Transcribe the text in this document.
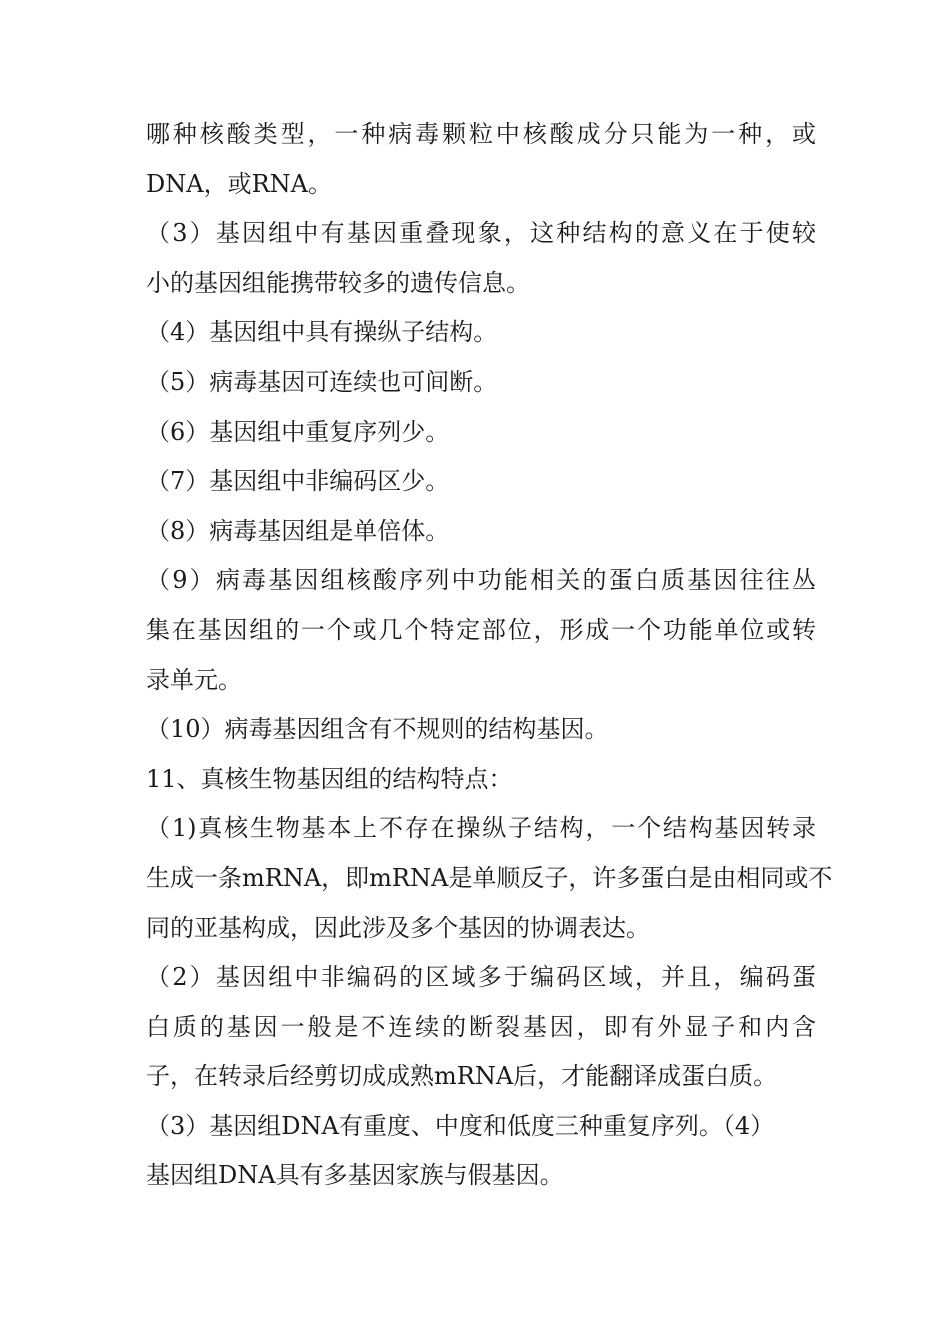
哪种核酸类型，一种病毒颗粒中核酸成分只能为一种，或
DNA，或RNA。
（3）基因组中有基因重叠现象，这种结构的意义在于使较
小的基因组能携带较多的遗传信息。
（4）基因组中具有操纵子结构。
（5）病毒基因可连续也可间断。
（6）基因组中重复序列少。
（7）基因组中非编码区少。
（8）病毒基因组是单倍体。
（9）病毒基因组核酸序列中功能相关的蛋白质基因往往丛
集在基因组的一个或几个特定部位，形成一个功能单位或转
录单元。
（10）病毒基因组含有不规则的结构基因。
11、真核生物基因组的结构特点：
（1)真核生物基本上不存在操纵子结构，一个结构基因转录
生成一条mRNA，即mRNA是单顺反子，许多蛋白是由相同或不
同的亚基构成，因此涉及多个基因的协调表达。
（2）基因组中非编码的区域多于编码区域，并且，编码蛋
白质的基因一般是不连续的断裂基因，即有外显子和内含
子，在转录后经剪切成成熟mRNA后，才能翻译成蛋白质。
（3）基因组DNA有重度、中度和低度三种重复序列。（4）
基因组DNA具有多基因家族与假基因。
